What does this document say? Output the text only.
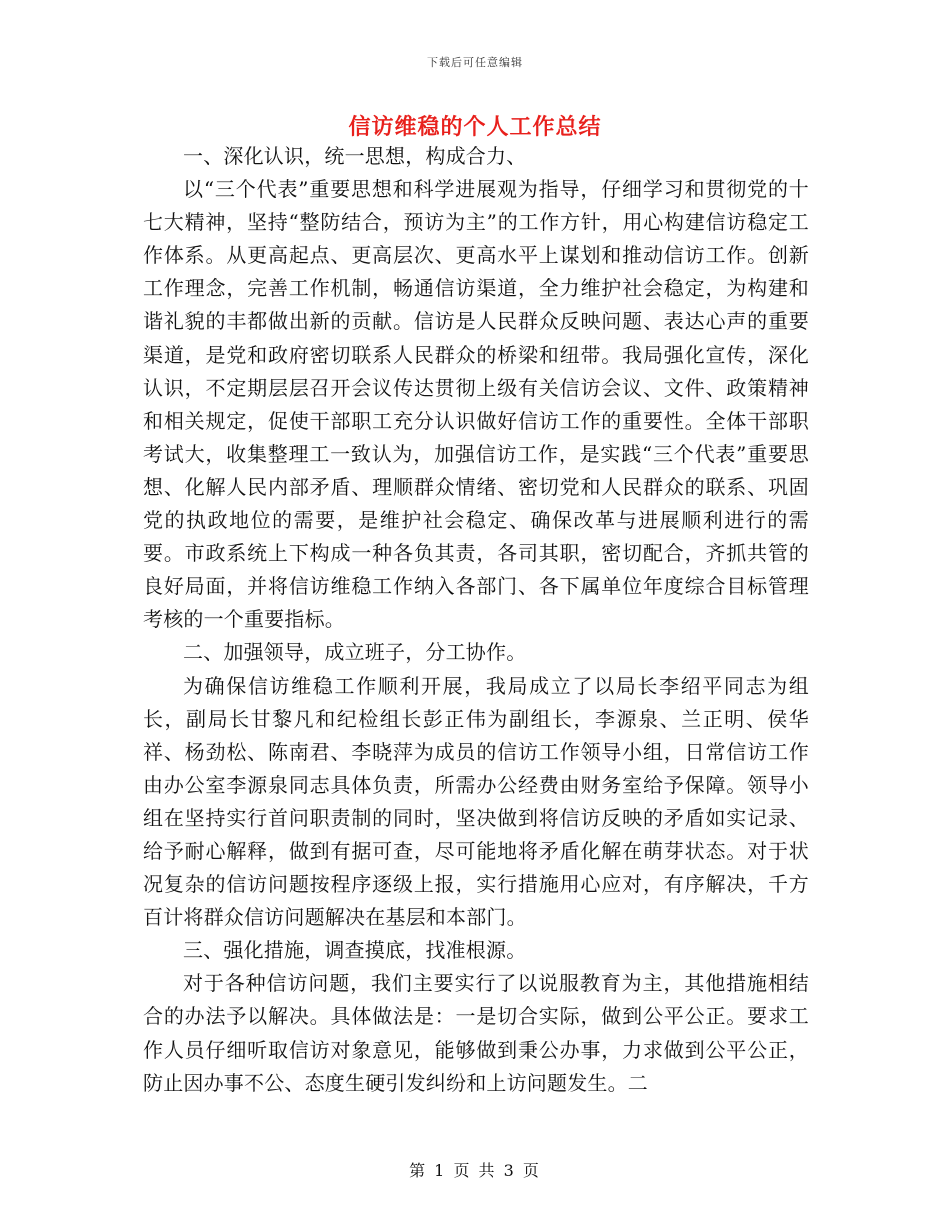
下载后可任意编辑
信访维稳的个人工作总结

一、深化认识，统一思想，构成合力、

以“三个代表”重要思想和科学进展观为指导，仔细学习和贯彻党的十七大精神，坚持“整防结合，预访为主”的工作方针，用心构建信访稳定工作体系。从更高起点、更高层次、更高水平上谋划和推动信访工作。创新工作理念，完善工作机制，畅通信访渠道，全力维护社会稳定，为构建和谐礼貌的丰都做出新的贡献。信访是人民群众反映问题、表达心声的重要渠道，是党和政府密切联系人民群众的桥梁和纽带。我局强化宣传，深化认识，不定期层层召开会议传达贯彻上级有关信访会议、文件、政策精神和相关规定，促使干部职工充分认识做好信访工作的重要性。全体干部职考试大，收集整理工一致认为，加强信访工作，是实践“三个代表”重要思想、化解人民内部矛盾、理顺群众情绪、密切党和人民群众的联系、巩固党的执政地位的需要，是维护社会稳定、确保改革与进展顺利进行的需要。市政系统上下构成一种各负其责，各司其职，密切配合，齐抓共管的良好局面，并将信访维稳工作纳入各部门、各下属单位年度综合目标管理考核的一个重要指标。

二、加强领导，成立班子，分工协作。

为确保信访维稳工作顺利开展，我局成立了以局长李绍平同志为组长，副局长甘黎凡和纪检组长彭正伟为副组长，李源泉、兰正明、侯华祥、杨劲松、陈南君、李晓萍为成员的信访工作领导小组，日常信访工作由办公室李源泉同志具体负责，所需办公经费由财务室给予保障。领导小组在坚持实行首问职责制的同时，坚决做到将信访反映的矛盾如实记录、给予耐心解释，做到有据可查，尽可能地将矛盾化解在萌芽状态。对于状况复杂的信访问题按程序逐级上报，实行措施用心应对，有序解决，千方百计将群众信访问题解决在基层和本部门。

三、强化措施，调查摸底，找准根源。

对于各种信访问题，我们主要实行了以说服教育为主，其他措施相结合的办法予以解决。具体做法是：一是切合实际，做到公平公正。要求工作人员仔细听取信访对象意见，能够做到秉公办事，力求做到公平公正，防止因办事不公、态度生硬引发纠纷和上访问题发生。二

第 1 页 共 3 页
